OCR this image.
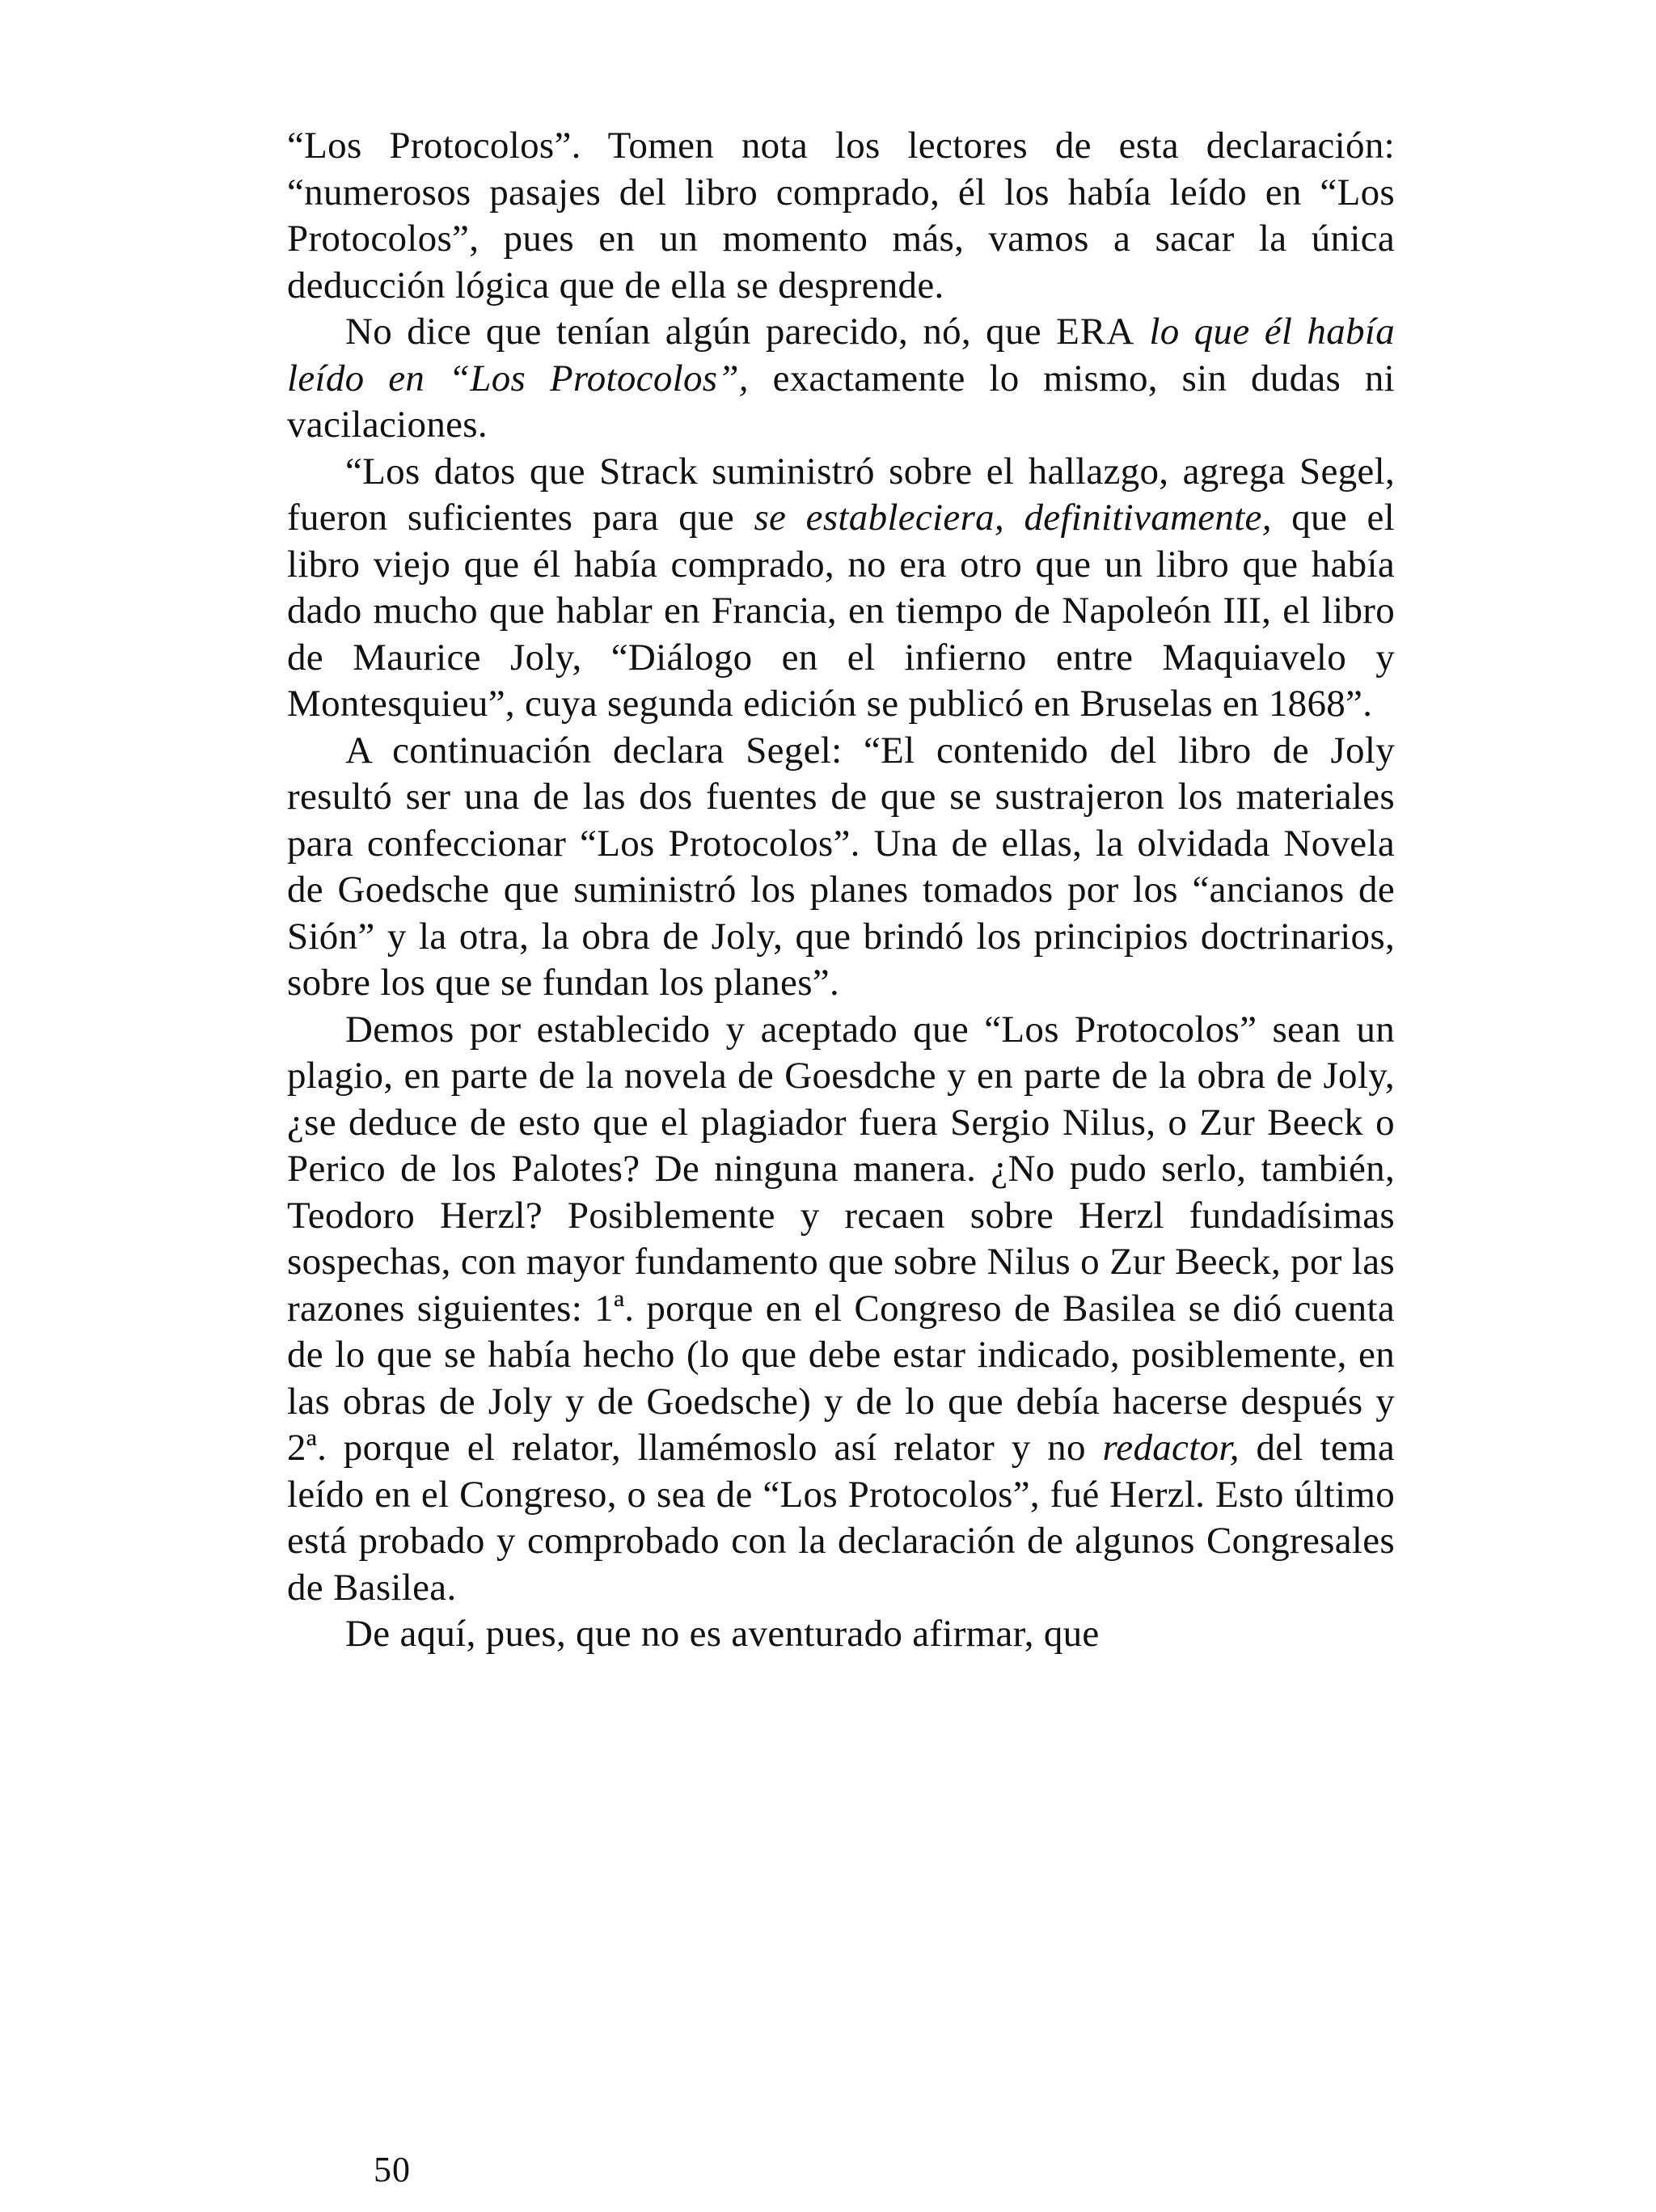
“Los Protocolos”. Tomen nota los lectores de esta declaración: “numerosos pasajes del libro comprado, él los había leído en “Los Protocolos”, pues en un momento más, vamos a sacar la única deducción lógica que de ella se desprende.

No dice que tenían algún parecido, nó, que ERA lo que él había leído en “Los Protocolos”, exactamente lo mismo, sin dudas ni vacilaciones.

“Los datos que Strack suministró sobre el hallazgo, agrega Segel, fueron suficientes para que se estableciera, definitivamente, que el libro viejo que él había comprado, no era otro que un libro que había dado mucho que hablar en Francia, en tiempo de Napoleón III, el libro de Maurice Joly, “Diálogo en el infierno entre Maquiavelo y Montesquieu”, cuya segunda edición se publicó en Bruselas en 1868”.

A continuación declara Segel: “El contenido del libro de Joly resultó ser una de las dos fuentes de que se sustrajeron los materiales para confeccionar “Los Protocolos”. Una de ellas, la olvidada Novela de Goedsche que suministró los planes tomados por los “ancianos de Sión” y la otra, la obra de Joly, que brindó los principios doctrinarios, sobre los que se fundan los planes”.

Demos por establecido y aceptado que “Los Protocolos” sean un plagio, en parte de la novela de Goesdche y en parte de la obra de Joly, ¿se deduce de esto que el plagiador fuera Sergio Nilus, o Zur Beeck o Perico de los Palotes? De ninguna manera. ¿No pudo serlo, también, Teodoro Herzl? Posiblemente y recaen sobre Herzl fundadísimas sospechas, con mayor fundamento que sobre Nilus o Zur Beeck, por las razones siguientes: 1ª. porque en el Congreso de Basilea se dió cuenta de lo que se había hecho (lo que debe estar indicado, posiblemente, en las obras de Joly y de Goedsche) y de lo que debía hacerse después y 2ª. porque el relator, llamémoslo así relator y no redactor, del tema leído en el Congreso, o sea de “Los Protocolos”, fué Herzl. Esto último está probado y comprobado con la declaración de algunos Congresales de Basilea.

De aquí, pues, que no es aventurado afirmar, que

50
